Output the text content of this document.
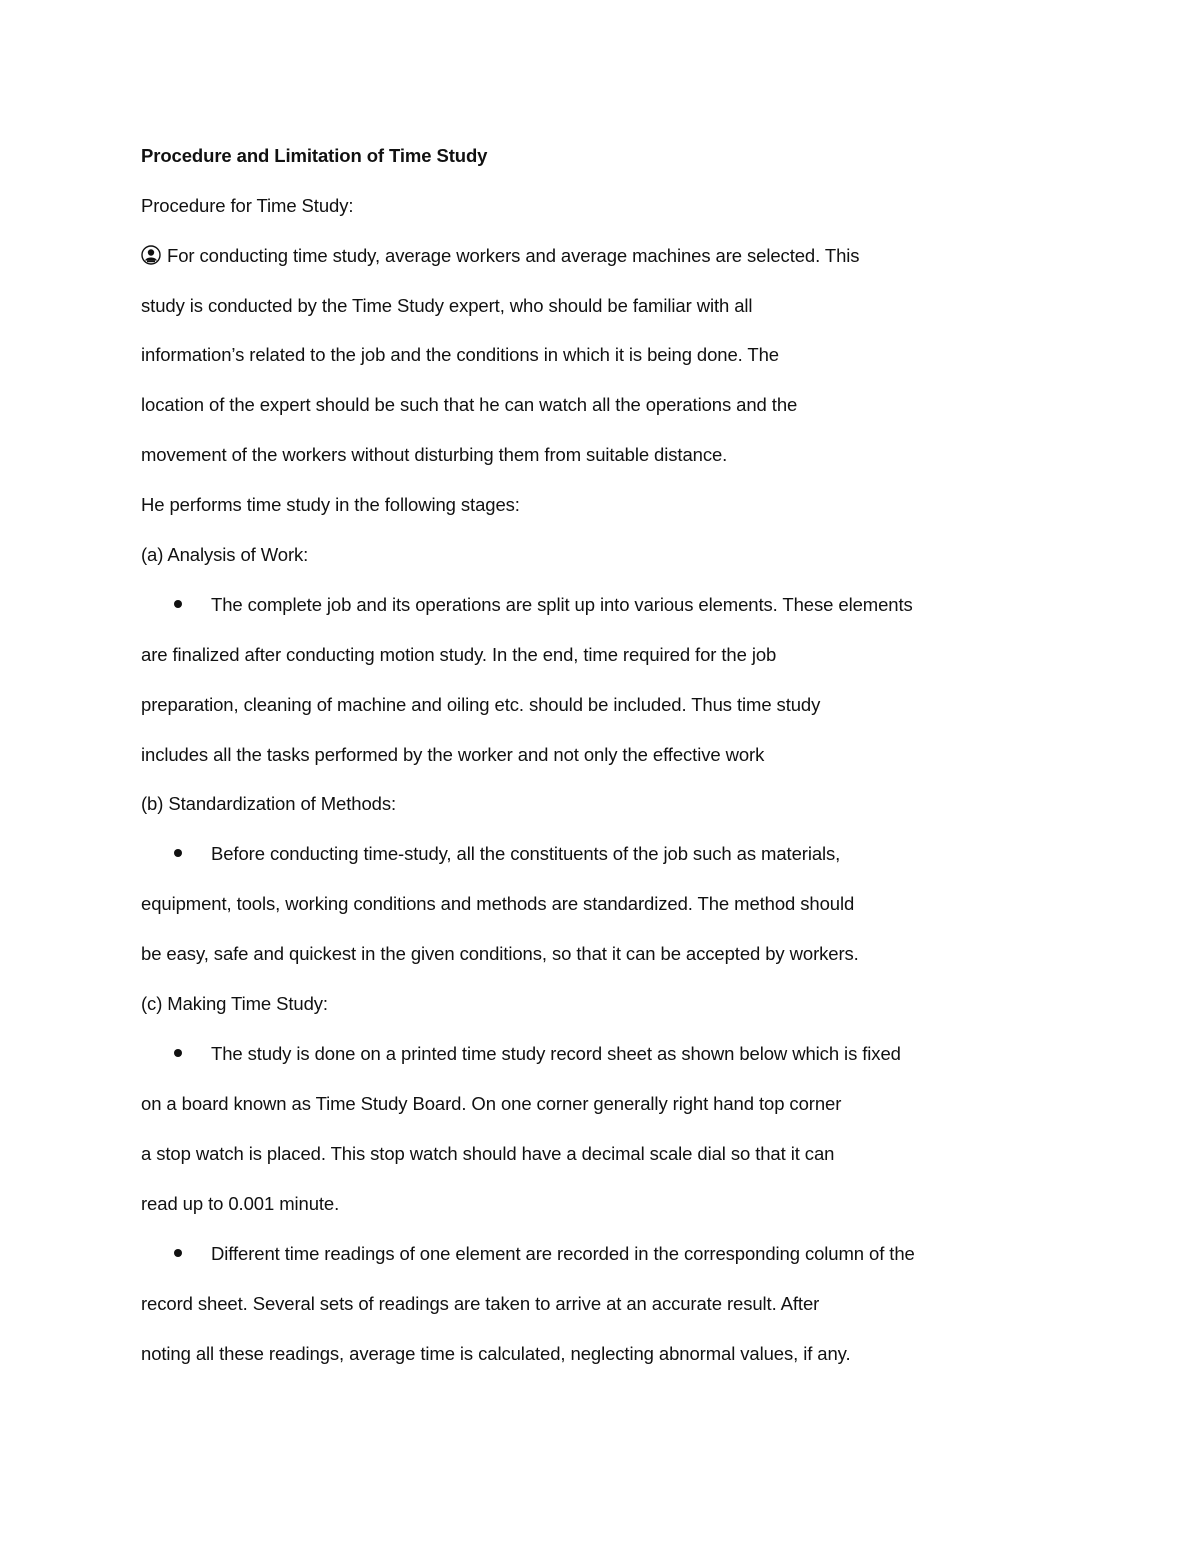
Procedure and Limitation of Time Study
Procedure for Time Study:
For conducting time study, average workers and average machines are selected. This
study is conducted by the Time Study expert, who should be familiar with all
information’s related to the job and the conditions in which it is being done. The
location of the expert should be such that he can watch all the operations and the
movement of the workers without disturbing them from suitable distance.
He performs time study in the following stages:
(a) Analysis of Work:
The complete job and its operations are split up into various elements. These elements
are finalized after conducting motion study. In the end, time required for the job
preparation, cleaning of machine and oiling etc. should be included. Thus time study
includes all the tasks performed by the worker and not only the effective work
(b) Standardization of Methods:
Before conducting time-study, all the constituents of the job such as materials,
equipment, tools, working conditions and methods are standardized. The method should
be easy, safe and quickest in the given conditions, so that it can be accepted by workers.
(c) Making Time Study:
The study is done on a printed time study record sheet as shown below which is fixed
on a board known as Time Study Board. On one corner generally right hand top corner
a stop watch is placed. This stop watch should have a decimal scale dial so that it can
read up to 0.001 minute.
Different time readings of one element are recorded in the corresponding column of the
record sheet. Several sets of readings are taken to arrive at an accurate result. After
noting all these readings, average time is calculated, neglecting abnormal values, if any.
